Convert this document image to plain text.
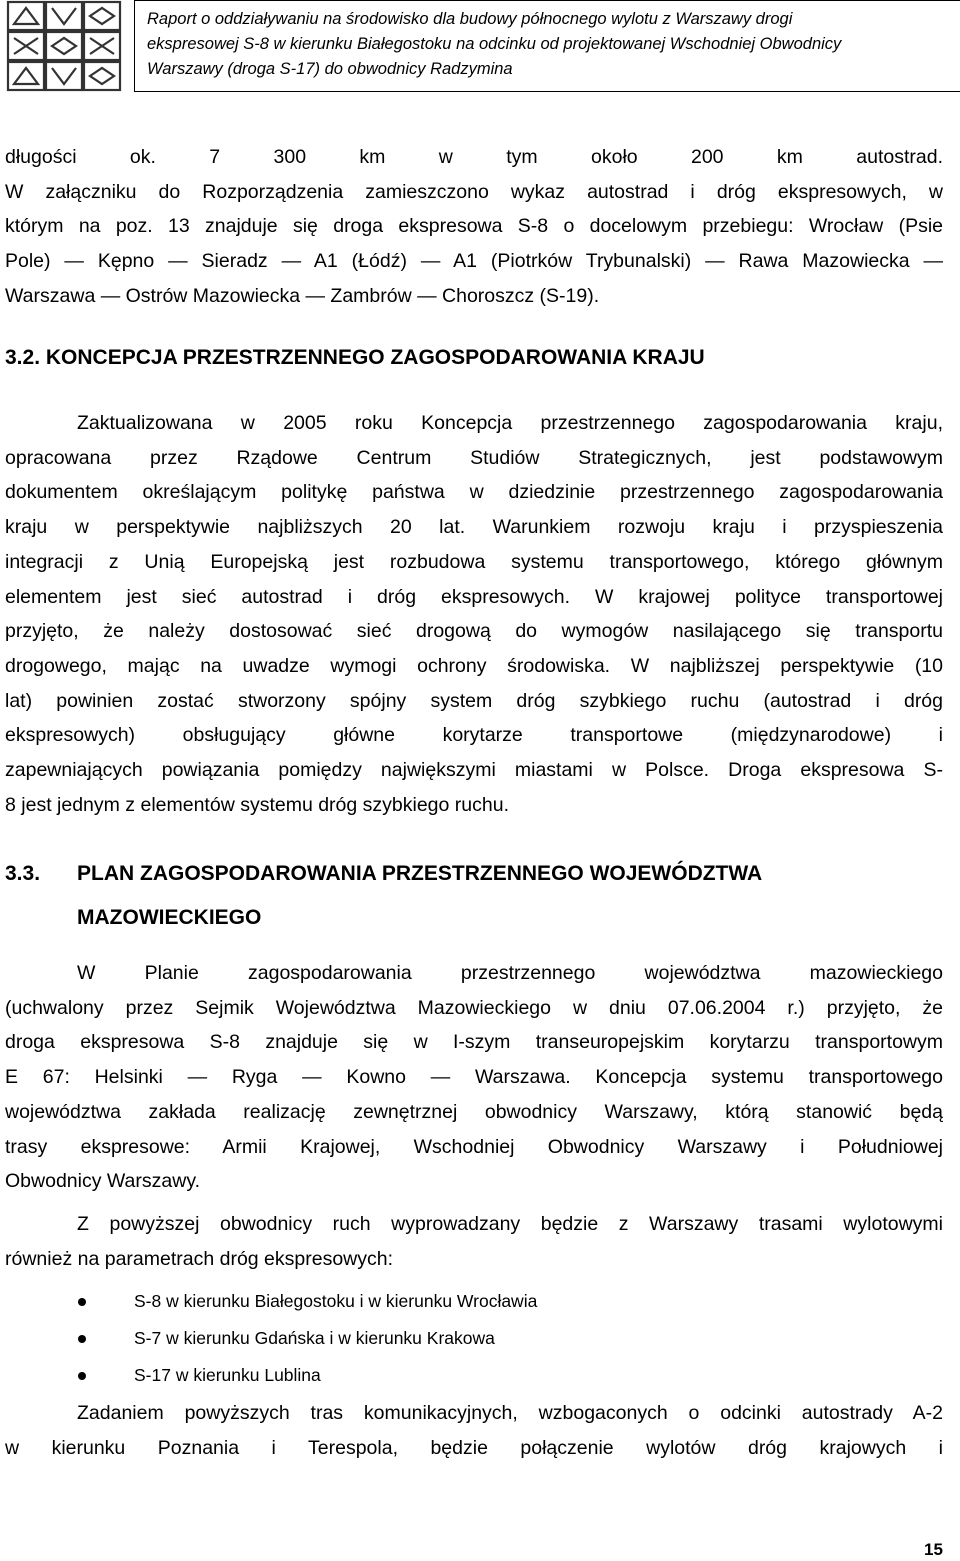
Raport o oddziaływaniu na środowisko dla budowy północnego wylotu z Warszawy drogi
ekspresowej S-8 w kierunku Białegostoku na odcinku od projektowanej Wschodniej Obwodnicy
Warszawy (droga S-17) do obwodnicy Radzymina
długości ok. 7 300 km w tym około 200 km autostrad.
W załączniku do Rozporządzenia zamieszczono wykaz autostrad i dróg ekspresowych, w
którym na poz. 13 znajduje się droga ekspresowa S-8 o docelowym przebiegu: Wrocław (Psie
Pole) — Kępno — Sieradz — A1 (Łódź) — A1 (Piotrków Trybunalski) — Rawa Mazowiecka —
Warszawa — Ostrów Mazowiecka — Zambrów — Choroszcz (S-19).
3.2. KONCEPCJA PRZESTRZENNEGO ZAGOSPODAROWANIA KRAJU
Zaktualizowana w 2005 roku Koncepcja przestrzennego zagospodarowania kraju,
opracowana przez Rządowe Centrum Studiów Strategicznych, jest podstawowym
dokumentem określającym politykę państwa w dziedzinie przestrzennego zagospodarowania
kraju w perspektywie najbliższych 20 lat. Warunkiem rozwoju kraju i przyspieszenia
integracji z Unią Europejską jest rozbudowa systemu transportowego, którego głównym
elementem jest sieć autostrad i dróg ekspresowych. W krajowej polityce transportowej
przyjęto, że należy dostosować sieć drogową do wymogów nasilającego się transportu
drogowego, mając na uwadze wymogi ochrony środowiska. W najbliższej perspektywie (10
lat) powinien zostać stworzony spójny system dróg szybkiego ruchu (autostrad i dróg
ekspresowych) obsługujący główne korytarze transportowe (międzynarodowe) i
zapewniających powiązania pomiędzy największymi miastami w Polsce. Droga ekspresowa S-
8 jest jednym z elementów systemu dróg szybkiego ruchu.
3.3. PLAN ZAGOSPODAROWANIA PRZESTRZENNEGO WOJEWÓDZTWA
MAZOWIECKIEGO
W Planie zagospodarowania przestrzennego województwa mazowieckiego
(uchwalony przez Sejmik Województwa Mazowieckiego w dniu 07.06.2004 r.) przyjęto, że
droga ekspresowa S-8 znajduje się w I-szym transeuropejskim korytarzu transportowym
E 67: Helsinki — Ryga — Kowno — Warszawa. Koncepcja systemu transportowego
województwa zakłada realizację zewnętrznej obwodnicy Warszawy, którą stanowić będą
trasy ekspresowe: Armii Krajowej, Wschodniej Obwodnicy Warszawy i Południowej
Obwodnicy Warszawy.
Z powyższej obwodnicy ruch wyprowadzany będzie z Warszawy trasami wylotowymi
również na parametrach dróg ekspresowych:
S-8 w kierunku Białegostoku i w kierunku Wrocławia
S-7 w kierunku Gdańska i w kierunku Krakowa
S-17 w kierunku Lublina
Zadaniem powyższych tras komunikacyjnych, wzbogaconych o odcinki autostrady A-2
w kierunku Poznania i Terespola, będzie połączenie wylotów dróg krajowych i
15
